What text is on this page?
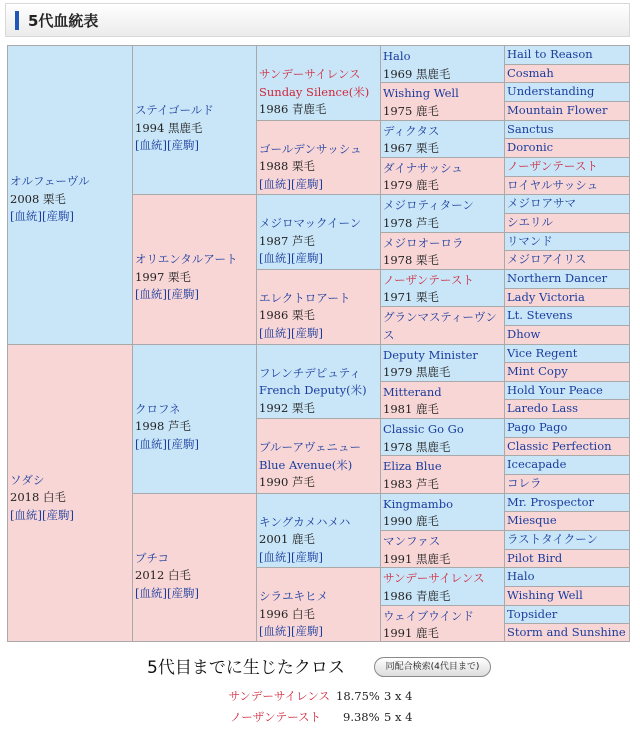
5代血統表
オルフェーヴル
2008 栗毛
[血統][産駒]
ソダシ
2018 白毛
[血統][産駒]
ステイゴールド
1994 黒鹿毛
[血統][産駒]
オリエンタルアート
1997 栗毛
[血統][産駒]
クロフネ
1998 芦毛
[血統][産駒]
ブチコ
2012 白毛
[血統][産駒]
サンデーサイレンス
Sunday Silence(米)
1986 青鹿毛
ゴールデンサッシュ
1988 栗毛
[血統][産駒]
メジロマックイーン
1987 芦毛
[血統][産駒]
エレクトロアート
1986 栗毛
[血統][産駒]
フレンチデピュティ
French Deputy(米)
1992 栗毛
ブルーアヴェニュー
Blue Avenue(米)
1990 芦毛
キングカメハメハ
2001 鹿毛
[血統][産駒]
シラユキヒメ
1996 白毛
[血統][産駒]
Halo
1969 黒鹿毛
Wishing Well
1975 鹿毛
ディクタス
1967 栗毛
ダイナサッシュ
1979 鹿毛
メジロティターン
1978 芦毛
メジロオーロラ
1978 栗毛
ノーザンテースト
1971 栗毛
グランマスティーヴンス
Deputy Minister
1979 黒鹿毛
Mitterand
1981 鹿毛
Classic Go Go
1978 黒鹿毛
Eliza Blue
1983 芦毛
Kingmambo
1990 鹿毛
マンファス
1991 黒鹿毛
サンデーサイレンス
1986 青鹿毛
ウェイブウインド
1991 鹿毛
Hail to Reason
Cosmah
Understanding
Mountain Flower
Sanctus
Doronic
ノーザンテースト
ロイヤルサッシュ
メジロアサマ
シエリル
リマンド
メジロアイリス
Northern Dancer
Lady Victoria
Lt. Stevens
Dhow
Vice Regent
Mint Copy
Hold Your Peace
Laredo Lass
Pago Pago
Classic Perfection
Icecapade
コレラ
Mr. Prospector
Miesque
ラストタイクーン
Pilot Bird
Halo
Wishing Well
Topsider
Storm and Sunshine
5代目までに生じたクロス	同配合検索(4代目まで)
サンデーサイレンス 18.75% 3 x 4
ノーザンテースト 9.38% 5 x 4
